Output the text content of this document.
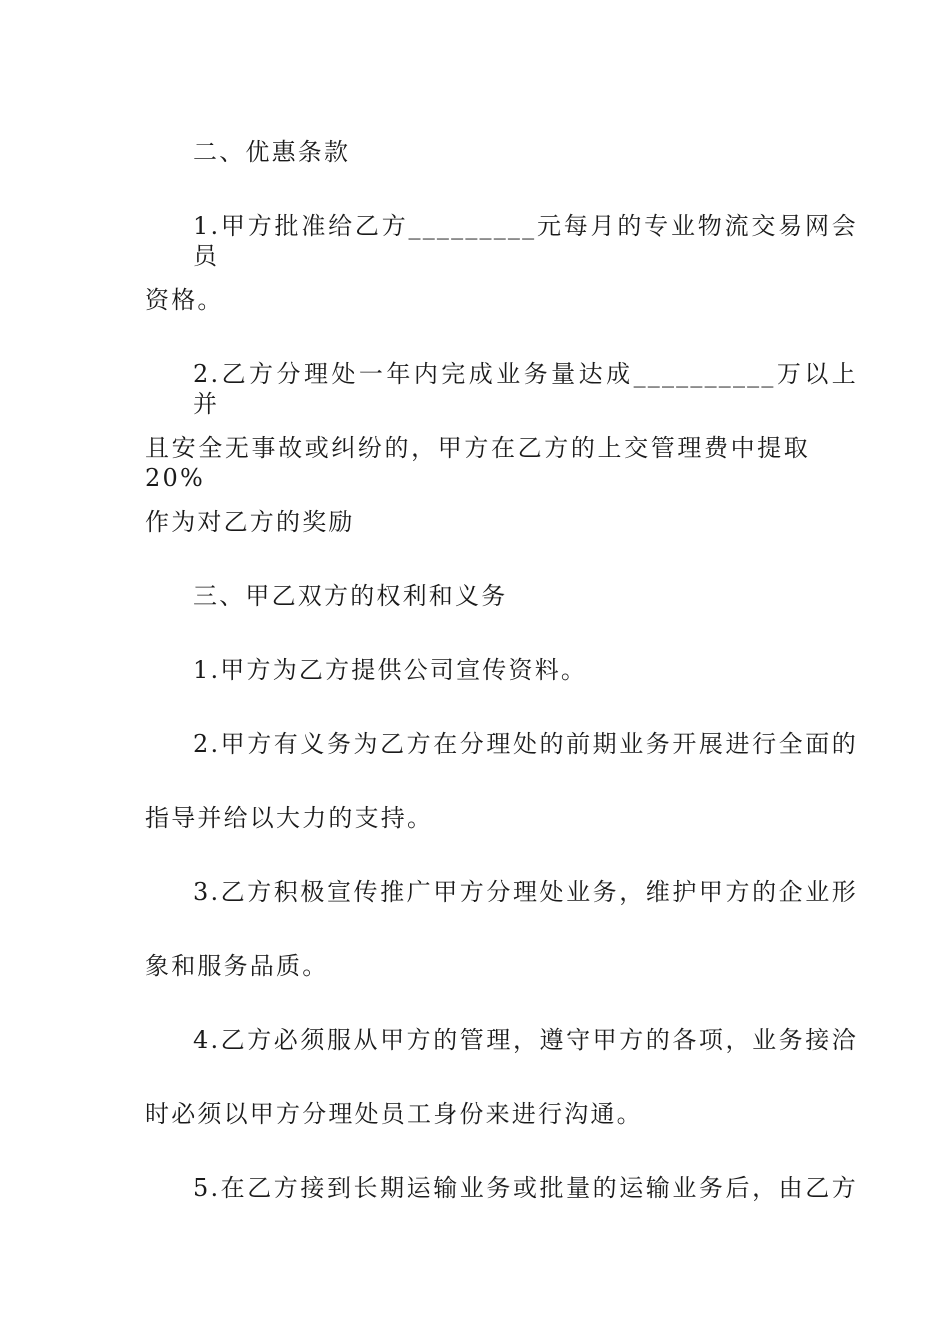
二、优惠条款
1.甲方批准给乙方_________元每月的专业物流交易网会员
资格。
2.乙方分理处一年内完成业务量达成__________万以上并
且安全无事故或纠纷的，甲方在乙方的上交管理费中提取 20%
作为对乙方的奖励
三、甲乙双方的权利和义务
1.甲方为乙方提供公司宣传资料。
2.甲方有义务为乙方在分理处的前期业务开展进行全面的
指导并给以大力的支持。
3.乙方积极宣传推广甲方分理处业务，维护甲方的企业形
象和服务品质。
4.乙方必须服从甲方的管理，遵守甲方的各项，业务接洽
时必须以甲方分理处员工身份来进行沟通。
5.在乙方接到长期运输业务或批量的运输业务后，由乙方
